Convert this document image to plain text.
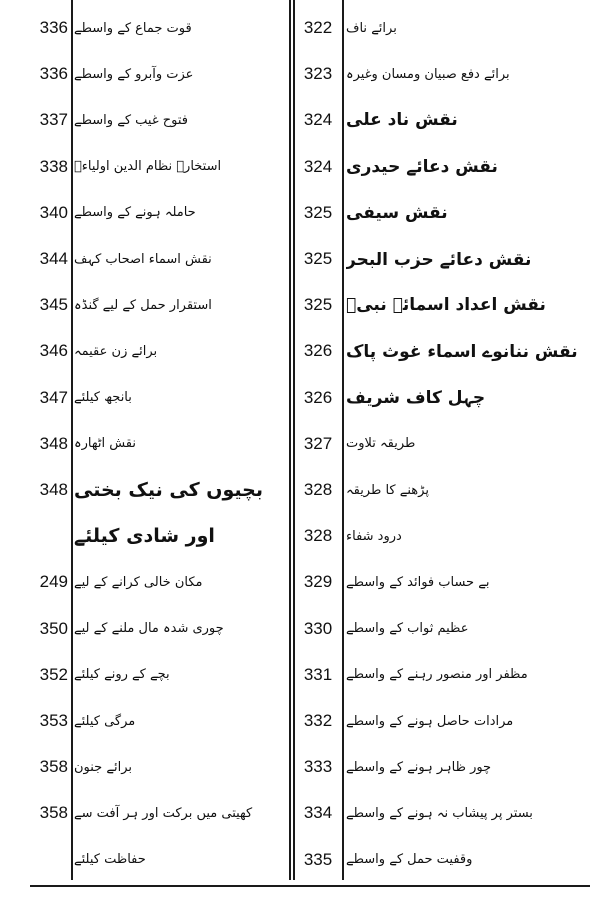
336 قوت جماع کے واسطے	322	برائے ناف
336 عزت وآبرو کے واسطے	323	برائے دفع صبیان ومسان وغیرہ
337 فتوح غیب کے واسطے	324 نقش ناد علی
338 استخارہ نظام الدین اولیاءؒ	324 نقش دعائے حیدری
340 حاملہ ہونے کے واسطے	325 نقش سیفی
344 نقش اسماء اصحاب کہف	325 نقش دعائے حزب البحر
345 استقرار حمل کے لیے گنڈہ	325 نقش اعداد اسمائے نبیؐ
346 برائے زن عقیمہ	326 نقش ننانوے اسماء غوث پاک
347 بانجھ کیلئے	326 چہل کاف شریف
348 نقش اٹھارہ	327	طریقہ تلاوت
348 بچیوں کی نیک بختی	328	پڑھنے کا طریقہ
اور شادی کیلئے	328	درود شفاء
249 مکان خالی کرانے کے لیے	329	بے حساب فوائد کے واسطے
350 چوری شدہ مال ملنے کے لیے	330	عظیم ثواب کے واسطے
352 بچے کے رونے کیلئے	331	مظفر اور منصور رہنے کے واسطے
353 مرگی کیلئے	332	مرادات حاصل ہونے کے واسطے
358 برائے جنون	333	چور ظاہر ہونے کے واسطے
358 کھیتی میں برکت اور ہر آفت سے	334	بستر پر پیشاب نہ ہونے کے واسطے
حفاظت کیلئے	335	وقفیت حمل کے واسطے
